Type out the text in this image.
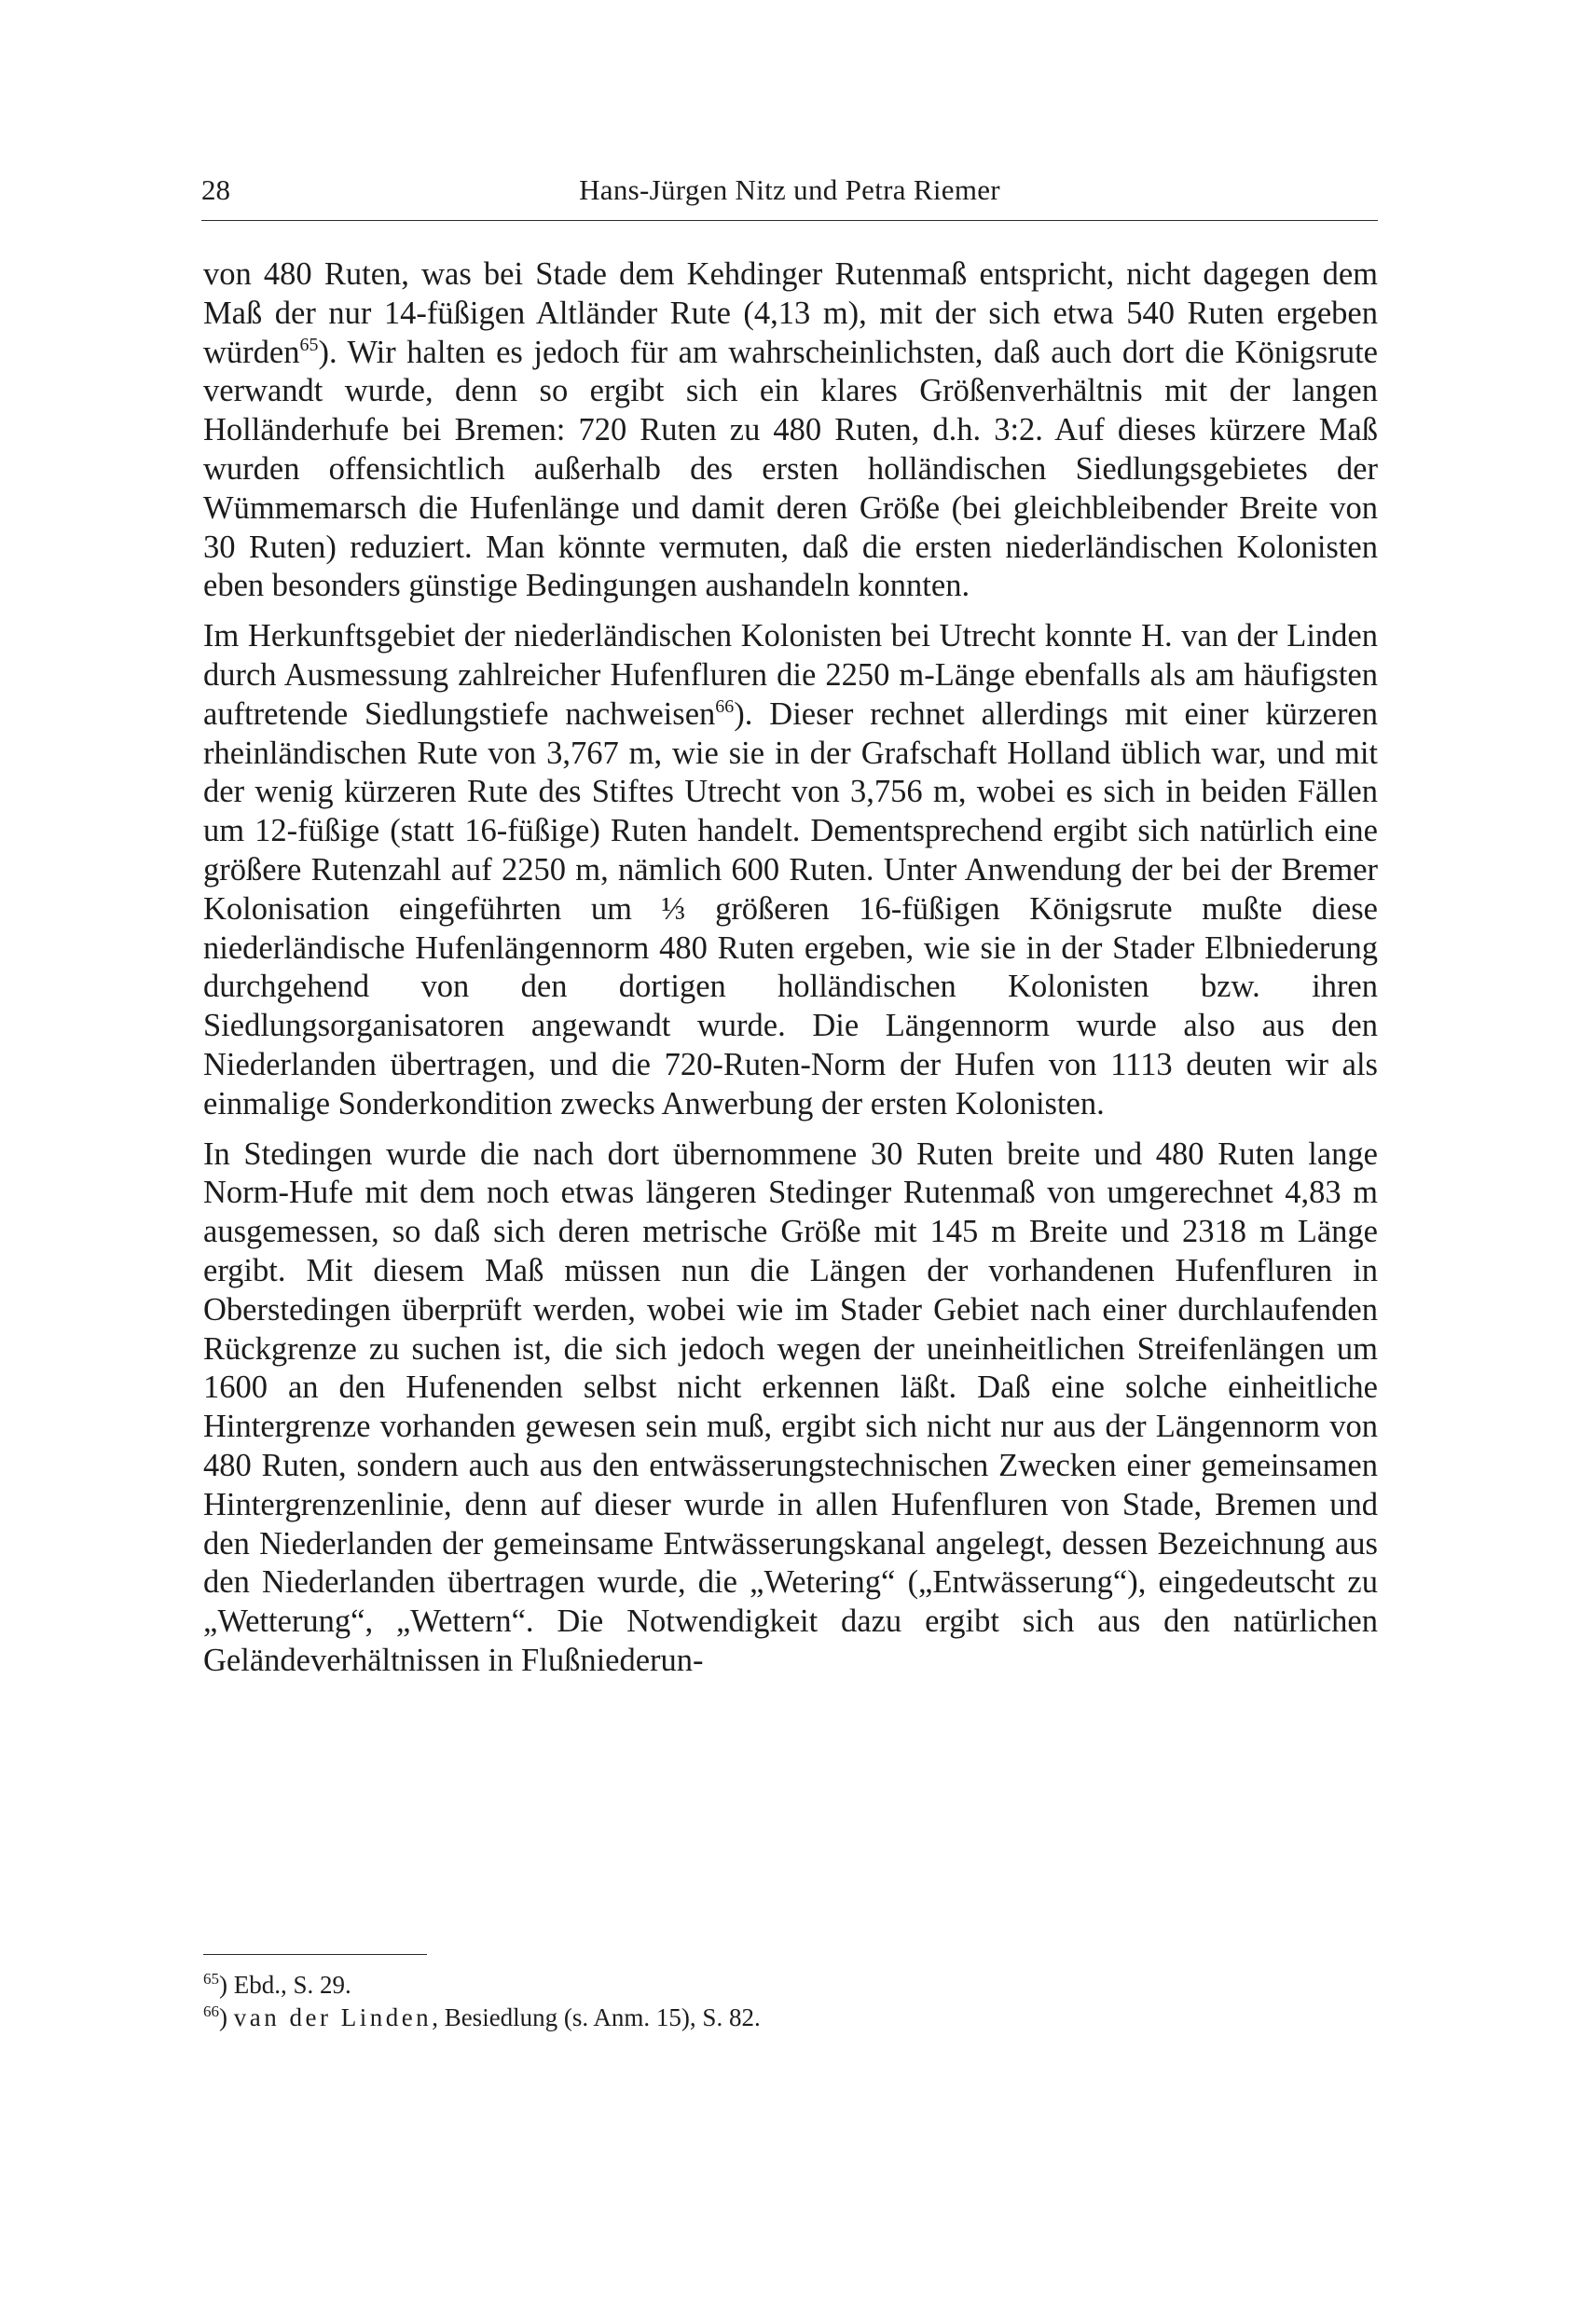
28	Hans-Jürgen Nitz und Petra Riemer

von 480 Ruten, was bei Stade dem Kehdinger Rutenmaß entspricht, nicht dagegen dem Maß der nur 14-füßigen Altländer Rute (4,13 m), mit der sich etwa 540 Ruten ergeben würden$^{65}$). Wir halten es jedoch für am wahrscheinlichsten, daß auch dort die Königsrute verwandt wurde, denn so ergibt sich ein klares Größenverhältnis mit der langen Holländerhufe bei Bremen: 720 Ruten zu 480 Ruten, d.h. 3:2. Auf dieses kürzere Maß wurden offensichtlich außerhalb des ersten holländischen Siedlungsgebietes der Wümmemarsch die Hufenlänge und damit deren Größe (bei gleichbleibender Breite von 30 Ruten) reduziert. Man könnte vermuten, daß die ersten niederländischen Kolonisten eben besonders günstige Bedingungen aushandeln konnten.

Im Herkunftsgebiet der niederländischen Kolonisten bei Utrecht konnte H. van der Linden durch Ausmessung zahlreicher Hufenfluren die 2250 m-Länge ebenfalls als am häufigsten auftretende Siedlungstiefe nachweisen$^{66}$). Dieser rechnet allerdings mit einer kürzeren rheinländischen Rute von 3,767 m, wie sie in der Grafschaft Holland üblich war, und mit der wenig kürzeren Rute des Stiftes Utrecht von 3,756 m, wobei es sich in beiden Fällen um 12-füßige (statt 16-füßige) Ruten handelt. Dementsprechend ergibt sich natürlich eine größere Rutenzahl auf 2250 m, nämlich 600 Ruten. Unter Anwendung der bei der Bremer Kolonisation eingeführten um ⅓ größeren 16-füßigen Königsrute mußte diese niederländische Hufenlängennorm 480 Ruten ergeben, wie sie in der Stader Elbniederung durchgehend von den dortigen holländischen Kolonisten bzw. ihren Siedlungsorganisatoren angewandt wurde. Die Längennorm wurde also aus den Niederlanden übertragen, und die 720-Ruten-Norm der Hufen von 1113 deuten wir als einmalige Sonderkondition zwecks Anwerbung der ersten Kolonisten.

In Stedingen wurde die nach dort übernommene 30 Ruten breite und 480 Ruten lange Norm-Hufe mit dem noch etwas längeren Stedinger Rutenmaß von umgerechnet 4,83 m ausgemessen, so daß sich deren metrische Größe mit 145 m Breite und 2318 m Länge ergibt. Mit diesem Maß müssen nun die Längen der vorhandenen Hufenfluren in Oberstedingen überprüft werden, wobei wie im Stader Gebiet nach einer durchlaufenden Rückgrenze zu suchen ist, die sich jedoch wegen der uneinheitlichen Streifenlängen um 1600 an den Hufenenden selbst nicht erkennen läßt. Daß eine solche einheitliche Hintergrenze vorhanden gewesen sein muß, ergibt sich nicht nur aus der Längennorm von 480 Ruten, sondern auch aus den entwässerungstechnischen Zwecken einer gemeinsamen Hintergrenzenlinie, denn auf dieser wurde in allen Hufenfluren von Stade, Bremen und den Niederlanden der gemeinsame Entwässerungskanal angelegt, dessen Bezeichnung aus den Niederlanden übertragen wurde, die „Wetering“ („Entwässerung“), eingedeutscht zu „Wetterung“, „Wettern“. Die Notwendigkeit dazu ergibt sich aus den natürlichen Geländeverhältnissen in Flußniederun-

$^{65}$) Ebd., S. 29.

$^{66}$) van der Linden, Besiedlung (s. Anm. 15), S. 82.
